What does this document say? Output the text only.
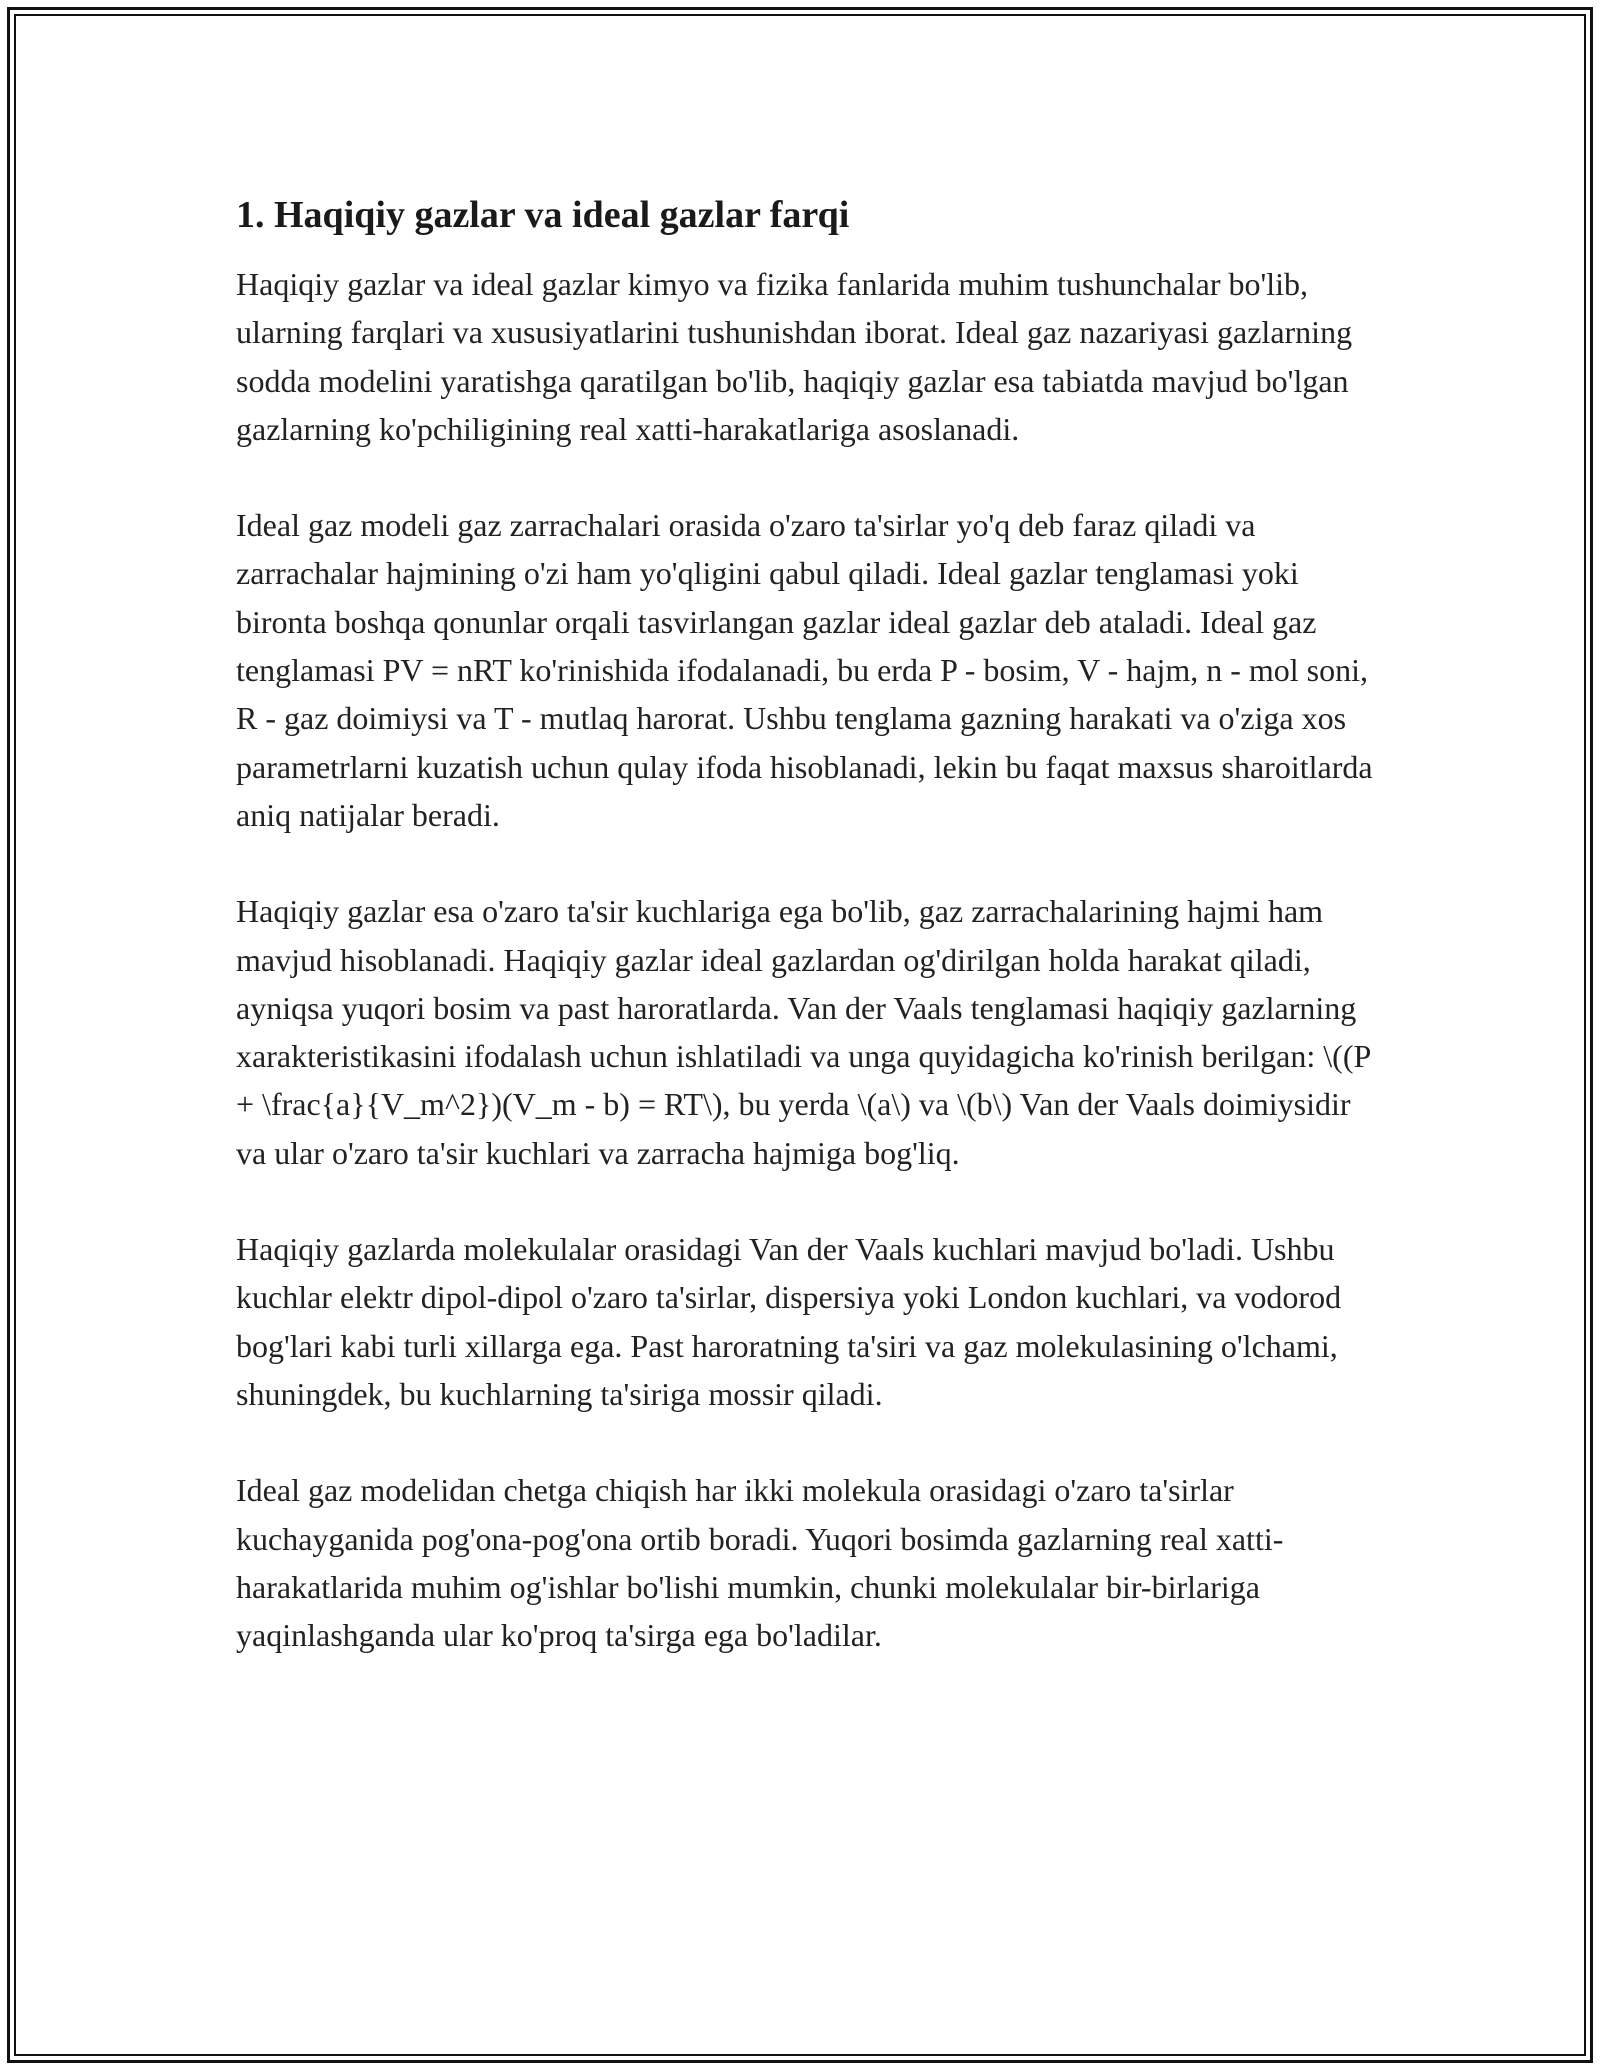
1. Haqiqiy gazlar va ideal gazlar farqi

Haqiqiy gazlar va ideal gazlar kimyo va fizika fanlarida muhim tushunchalar bo'lib, ularning farqlari va xususiyatlarini tushunishdan iborat. Ideal gaz nazariyasi gazlarning sodda modelini yaratishga qaratilgan bo'lib, haqiqiy gazlar esa tabiatda mavjud bo'lgan gazlarning ko'pchiligining real xatti-harakatlariga asoslanadi.

Ideal gaz modeli gaz zarrachalari orasida o'zaro ta'sirlar yo'q deb faraz qiladi va zarrachalar hajmining o'zi ham yo'qligini qabul qiladi. Ideal gazlar tenglamasi yoki bironta boshqa qonunlar orqali tasvirlangan gazlar ideal gazlar deb ataladi. Ideal gaz tenglamasi PV = nRT ko'rinishida ifodalanadi, bu erda P - bosim, V - hajm, n - mol soni, R - gaz doimiysi va T - mutlaq harorat. Ushbu tenglama gazning harakati va o'ziga xos parametrlarni kuzatish uchun qulay ifoda hisoblanadi, lekin bu faqat maxsus sharoitlarda aniq natijalar beradi.

Haqiqiy gazlar esa o'zaro ta'sir kuchlariga ega bo'lib, gaz zarrachalarining hajmi ham mavjud hisoblanadi. Haqiqiy gazlar ideal gazlardan og'dirilgan holda harakat qiladi, ayniqsa yuqori bosim va past haroratlarda. Van der Vaals tenglamasi haqiqiy gazlarning xarakteristikasini ifodalash uchun ishlatiladi va unga quyidagicha ko'rinish berilgan: \((P + \frac{a}{V_m^2})(V_m - b) = RT\), bu yerda \(a\) va \(b\) Van der Vaals doimiysidir va ular o'zaro ta'sir kuchlari va zarracha hajmiga bog'liq.

Haqiqiy gazlarda molekulalar orasidagi Van der Vaals kuchlari mavjud bo'ladi. Ushbu kuchlar elektr dipol-dipol o'zaro ta'sirlar, dispersiya yoki London kuchlari, va vodorod bog'lari kabi turli xillarga ega. Past haroratning ta'siri va gaz molekulasining o'lchami, shuningdek, bu kuchlarning ta'siriga mossir qiladi.

Ideal gaz modelidan chetga chiqish har ikki molekula orasidagi o'zaro ta'sirlar kuchayganida pog'ona-pog'ona ortib boradi. Yuqori bosimda gazlarning real xatti-harakatlarida muhim og'ishlar bo'lishi mumkin, chunki molekulalar bir-birlariga yaqinlashganda ular ko'proq ta'sirga ega bo'ladilar.
